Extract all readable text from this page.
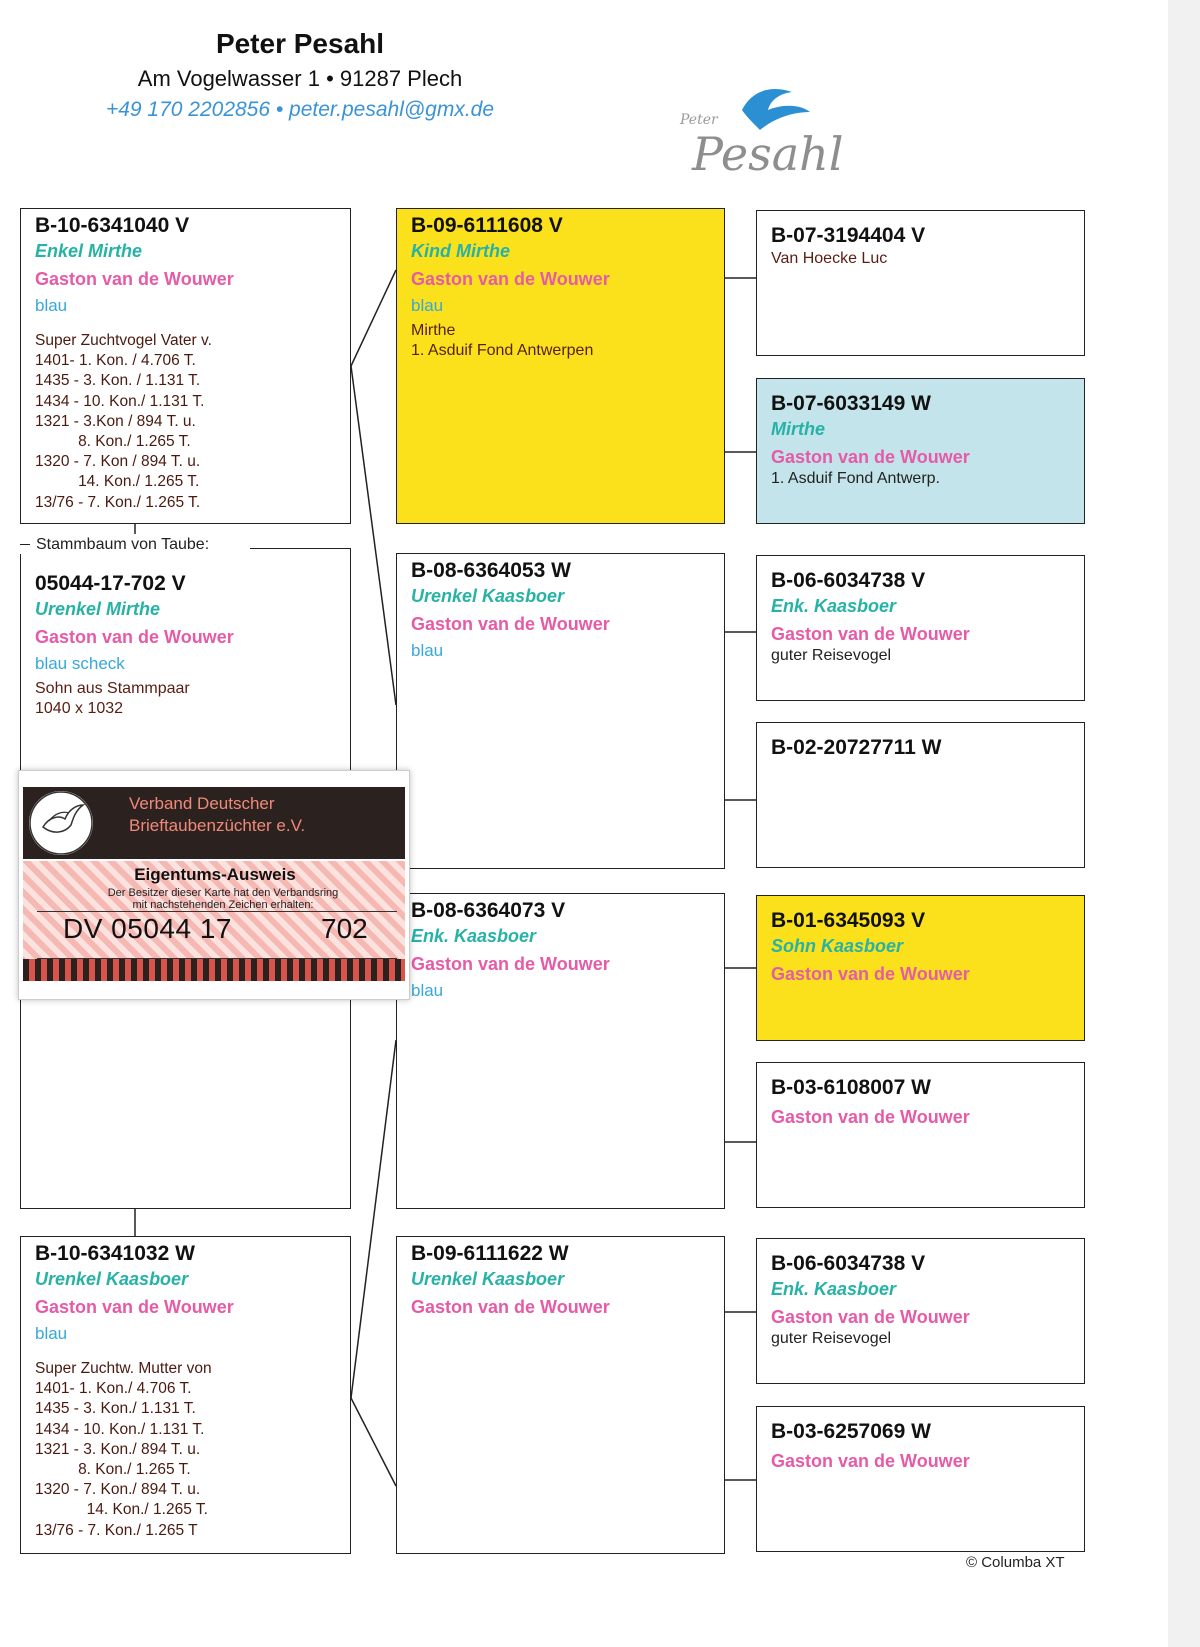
Peter Pesahl
Am Vogelwasser 1 • 91287 Plech
+49 170 2202856 • peter.pesahl@gmx.de	Peter
Pesahl
B-10-6341040 V
Enkel Mirthe
Gaston van de Wouwer
blau
Super Zuchtvogel Vater v.
1401- 1. Kon. / 4.706 T.
1435 - 3. Kon. / 1.131 T.
1434 - 10. Kon./ 1.131 T.
1321 - 3.Kon / 894 T. u.
8. Kon./ 1.265 T.
1320 - 7. Kon / 894 T. u.
14. Kon./ 1.265 T.
13/76 - 7. Kon./ 1.265 T.
05044-17-702 V
Urenkel Mirthe
Gaston van de Wouwer
blau scheck
Sohn aus Stammpaar
1040 x 1032
Stammbaum von Taube:
B-10-6341032 W
Urenkel Kaasboer
Gaston van de Wouwer
blau
Super Zuchtw. Mutter von
1401- 1. Kon./ 4.706 T.
1435 - 3. Kon./ 1.131 T.
1434 - 10. Kon./ 1.131 T.
1321 - 3. Kon./ 894 T. u.
8. Kon./ 1.265 T.
1320 - 7. Kon./ 894 T. u.
14. Kon./ 1.265 T.
13/76 - 7. Kon./ 1.265 T
B-09-6111608 V
Kind Mirthe
Gaston van de Wouwer
blau
Mirthe
1. Asduif Fond Antwerpen
B-08-6364053 W
Urenkel Kaasboer
Gaston van de Wouwer
blau
B-08-6364073 V
Enk. Kaasboer
Gaston van de Wouwer
blau
B-09-6111622 W
Urenkel Kaasboer
Gaston van de Wouwer
B-07-3194404 V
Van Hoecke Luc
B-07-6033149 W
Mirthe
Gaston van de Wouwer
1. Asduif Fond Antwerp.
B-06-6034738 V
Enk. Kaasboer
Gaston van de Wouwer
guter Reisevogel
B-02-20727711 W
B-01-6345093 V
Sohn Kaasboer
Gaston van de Wouwer
B-03-6108007 W
Gaston van de Wouwer
B-06-6034738 V
Enk. Kaasboer
Gaston van de Wouwer
guter Reisevogel
B-03-6257069 W
Gaston van de Wouwer
Verband Deutscher
Brieftaubenzüchter e.V.
Eigentums-Ausweis
Der Besitzer dieser Karte hat den Verbandsring
mit nachstehenden Zeichen erhalten:
DV 05044 17	702
© Columba XT
